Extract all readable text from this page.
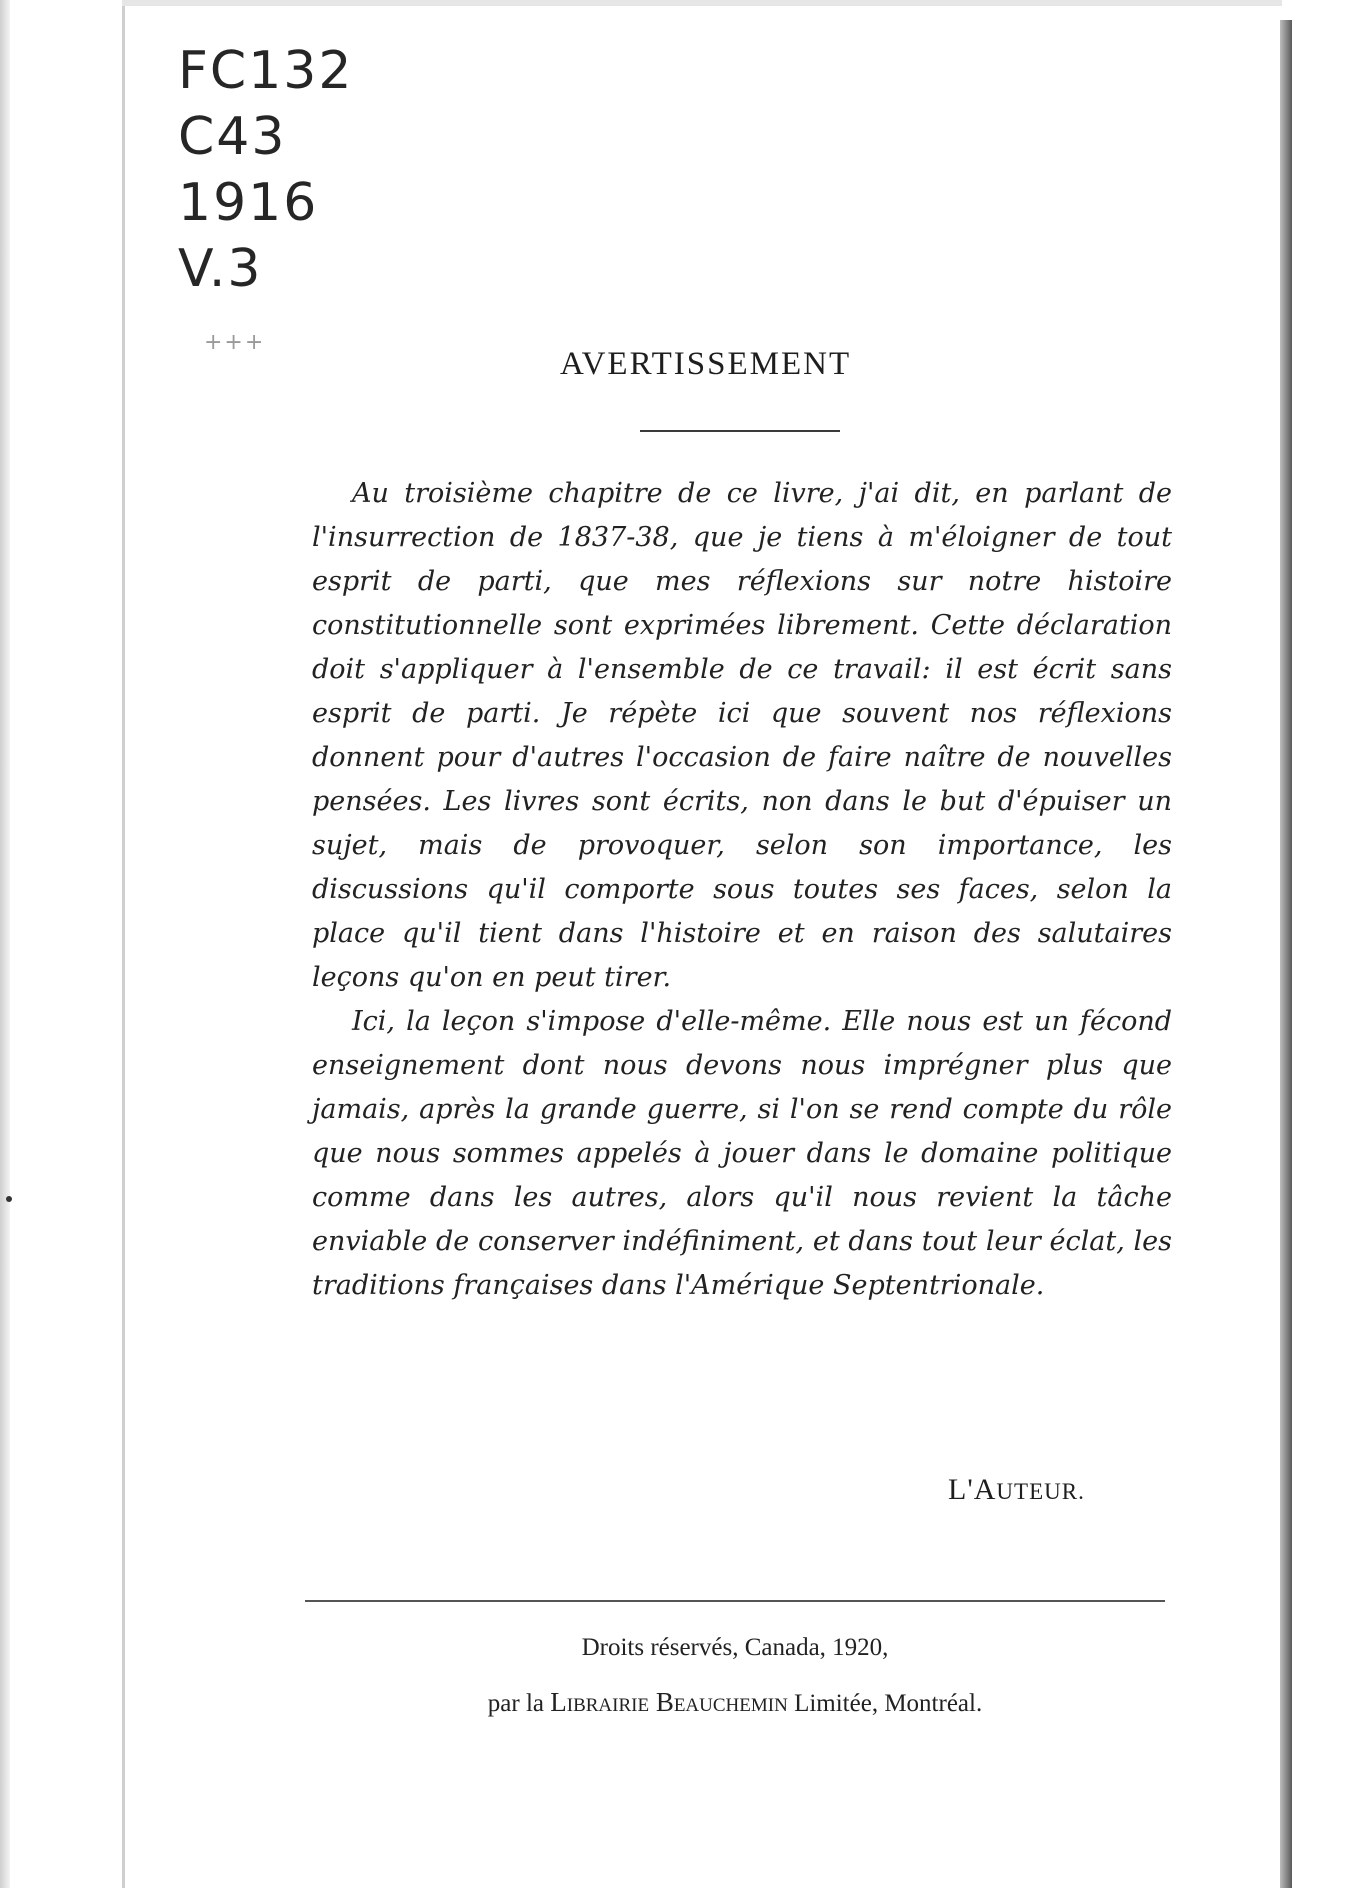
FC132
C43
1916
V.3
+++
AVERTISSEMENT

Au troisième chapitre de ce livre, j'ai dit, en parlant de l'insurrection de 1837-38, que je tiens à m'éloigner de tout esprit de parti, que mes réflexions sur notre histoire constitutionnelle sont exprimées librement. Cette déclaration doit s'appliquer à l'ensemble de ce travail: il est écrit sans esprit de parti. Je répète ici que souvent nos réflexions donnent pour d'autres l'occasion de faire naître de nouvelles pensées. Les livres sont écrits, non dans le but d'épuiser un sujet, mais de provoquer, selon son importance, les discussions qu'il comporte sous toutes ses faces, selon la place qu'il tient dans l'histoire et en raison des salutaires leçons qu'on en peut tirer.

Ici, la leçon s'impose d'elle-même. Elle nous est un fécond enseignement dont nous devons nous imprégner plus que jamais, après la grande guerre, si l'on se rend compte du rôle que nous sommes appelés à jouer dans le domaine politique comme dans les autres, alors qu'il nous revient la tâche enviable de conserver indéfiniment, et dans tout leur éclat, les traditions françaises dans l'Amérique Septentrionale.

L'AUTEUR.
Droits réservés, Canada, 1920,
par la Librairie Beauchemin Limitée, Montréal.
